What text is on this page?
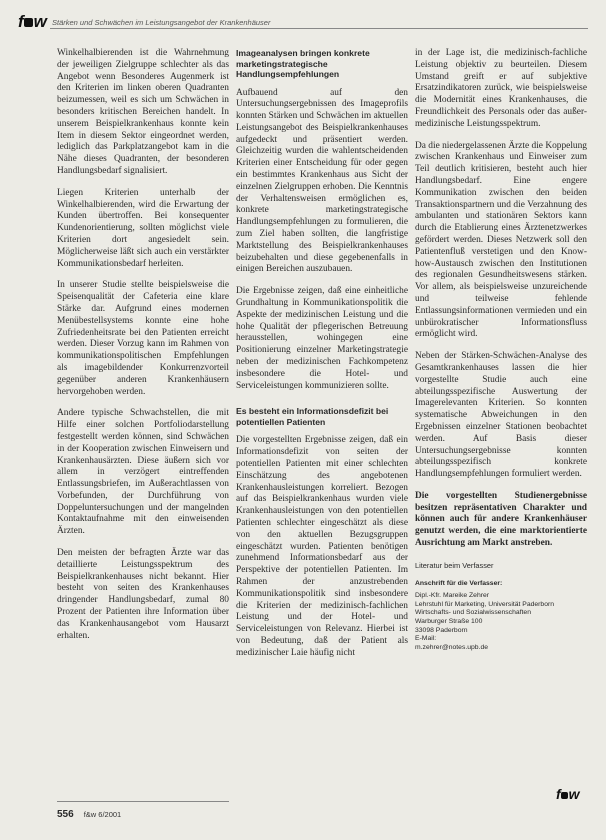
f w Stärken und Schwächen im Leistungsangebot der Krankenhäuser

Winkelhalbierenden ist die Wahrnehmung der jeweiligen Zielgruppe schlechter als das Angebot wenn Besonderes Augenmerk ist den Kriterien im linken oberen Quadranten beizumessen, weil es sich um Schwächen in besonders kritischen Bereichen handelt. In unserem Beispielkrankenhaus konnte kein Item in diesem Sektor eingeordnet werden, lediglich das Parkplatzangebot kam in die Nähe dieses Quadranten, der besonderen Handlungsbedarf signalisiert.

Liegen Kriterien unterhalb der Winkelhalbierenden, wird die Erwartung der Kunden übertroffen. Bei konsequenter Kundenorientierung, sollten möglichst viele Kriterien dort angesiedelt sein. Möglicherweise läßt sich auch ein verstärkter Kommunikationsbedarf herleiten.

In unserer Studie stellte beispielsweise die Speisenqualität der Cafeteria eine klare Stärke dar. Aufgrund eines modernen Menübestellsystems konnte eine hohe Zufriedenheitsrate bei den Patienten erreicht werden. Dieser Vorzug kann im Rahmen von kommunikationspolitischen Empfehlungen als imagebildender Konkurrenzvorteil gegenüber anderen Krankenhäusern hervorgehoben werden.

Andere typische Schwachstellen, die mit Hilfe einer solchen Portfoliodarstellung festgestellt werden können, sind Schwächen in der Kooperation zwischen Einweisern und Krankenhausärzten. Diese äußern sich vor allem in verzögert eintreffenden Entlassungsbriefen, im Außerachtlassen von Vorbefunden, der Durchführung von Doppeluntersuchungen und der mangelnden Kontaktaufnahme mit den einweisenden Ärzten.

Den meisten der befragten Ärzte war das detaillierte Leistungsspektrum des Beispielkrankenhauses nicht bekannt. Hier besteht von seiten des Krankenhauses dringender Handlungsbedarf, zumal 80 Prozent der Patienten ihre Information über das Krankenhausangebot vom Hausarzt erhalten.

Imageanalysen bringen konkrete marketingstrategische Handlungsempfehlungen

Aufbauend auf den Untersuchungsergebnissen des Imageprofils konnten Stärken und Schwächen im aktuellen Leistungsangebot des Beispielkrankenhauses aufgedeckt und präsentiert werden. Gleichzeitig wurden die wahlentscheidenden Kriterien einer Entscheidung für oder gegen ein bestimmtes Krankenhaus aus Sicht der einzelnen Zielgruppen erhoben. Die Kenntnis der Verhaltensweisen ermöglichen es, konkrete marketingstrategische Handlungsempfehlungen zu formulieren, die zum Ziel haben sollten, die langfristige Marktstellung des Beispielkrankenhauses beizubehalten und diese gegebenenfalls in einigen Bereichen auszubauen.

Die Ergebnisse zeigen, daß eine einheitliche Grundhaltung in Kommunikationspolitik die Aspekte der medizinischen Leistung und die hohe Qualität der pflegerischen Betreuung herausstellen, wohingegen eine Positionierung einzelner Marketingstrategie neben der medizinischen Fachkompetenz insbesondere die Hotel- und Serviceleistungen kommunizieren sollte.

Es besteht ein Informationsdefizit bei potentiellen Patienten

Die vorgestellten Ergebnisse zeigen, daß ein Informationsdefizit von seiten der potentiellen Patienten mit einer schlechten Einschätzung des angebotenen Krankenhausleistungen korreliert. Bezogen auf das Beispielkrankenhaus wurden viele Krankenhausleistungen von den potentiellen Patienten schlechter eingeschätzt als diese von den aktuellen Bezugsgruppen eingeschätzt wurden. Patienten benötigen zunehmend Informationsbedarf aus der Perspektive der potentiellen Patienten. Im Rahmen der anzustrebenden Kommunikationspolitik sind insbesondere die Kriterien der medizinisch-fachlichen Leistung und der Hotel- und Serviceleistungen von Relevanz. Hierbei ist von Bedeutung, daß der Patient als medizinischer Laie häufig nicht

in der Lage ist, die medizinisch-fachliche Leistung objektiv zu beurteilen. Diesem Umstand greift er auf subjektive Ersatzindikatoren zurück, wie beispielsweise die Modernität eines Krankenhauses, die Freundlichkeit des Personals oder das außer-medizinische Leistungsspektrum.

Da die niedergelassenen Ärzte die Koppelung zwischen Krankenhaus und Einweiser zum Teil deutlich kritisieren, besteht auch hier Handlungsbedarf. Eine engere Kommunikation zwischen den beiden Transaktionspartnern und die Verzahnung des ambulanten und stationären Sektors kann durch die Etablierung eines Ärztenetzwerkes gefördert werden. Dieses Netzwerk soll den Patientenfluß verstetigen und den Know-how-Austausch zwischen den Institutionen des regionalen Gesundheitswesens stärken. Vor allem, als beispielsweise unzureichende und teilweise fehlende Entlassungsinformationen vermieden und ein unbürokratischer Informationsfluss ermöglicht wird.

Neben der Stärken-Schwächen-Analyse des Gesamtkrankenhauses lassen die hier vorgestellte Studie auch eine abteilungsspezifische Auswertung der Imagerelevanten Kriterien. So konnten systematische Abweichungen in den Ergebnissen einzelner Stationen beobachtet werden. Auf Basis dieser Untersuchungsergebnisse konnten abteilungsspezifisch konkrete Handlungsempfehlungen formuliert werden.

Die vorgestellten Studienergebnisse besitzen repräsentativen Charakter und können auch für andere Krankenhäuser genutzt werden, die eine marktorientierte Ausrichtung am Markt anstreben.

Literatur beim Verfasser
Anschrift für die Verfasser:
Dipl.-Kfr. Mareike Zehrer
Lehrstuhl für Marketing, Universität Paderborn
Wirtschafts- und Sozialwissenschaften
Warburger Straße 100
33098 Paderborn
E-Mail:
m.zehrer@notes.upb.de
556 f&w 6/2001
f w
